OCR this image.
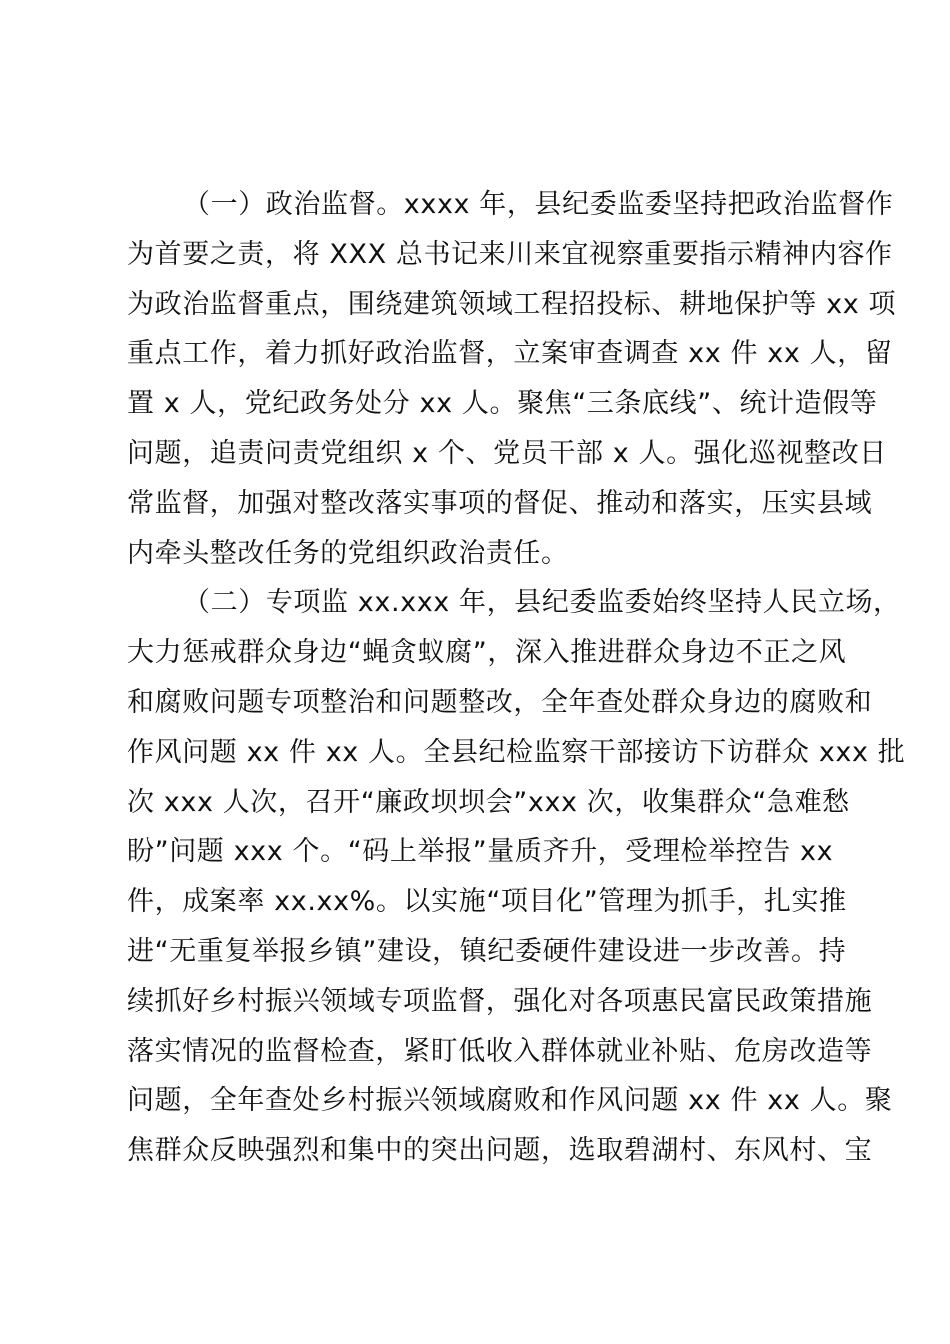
（一）政治监督。xxxx 年，县纪委监委坚持把政治监督作
为首要之责，将 XXX 总书记来川来宜视察重要指示精神内容作
为政治监督重点，围绕建筑领域工程招投标、耕地保护等 xx 项
重点工作，着力抓好政治监督，立案审查调查 xx 件 xx 人，留
置 x 人，党纪政务处分 xx 人。聚焦“三条底线”、统计造假等
问题，追责问责党组织 x 个、党员干部 x 人。强化巡视整改日
常监督，加强对整改落实事项的督促、推动和落实，压实县域
内牵头整改任务的党组织政治责任。
（二）专项监 xx.xxx 年，县纪委监委始终坚持人民立场，
大力惩戒群众身边“蝇贪蚁腐”，深入推进群众身边不正之风
和腐败问题专项整治和问题整改，全年查处群众身边的腐败和
作风问题 xx 件 xx 人。全县纪检监察干部接访下访群众 xxx 批
次 xxx 人次，召开“廉政坝坝会”xxx 次，收集群众“急难愁
盼”问题 xxx 个。“码上举报”量质齐升，受理检举控告 xx
件，成案率 xx.xx%。以实施“项目化”管理为抓手，扎实推
进“无重复举报乡镇”建设，镇纪委硬件建设进一步改善。持
续抓好乡村振兴领域专项监督，强化对各项惠民富民政策措施
落实情况的监督检查，紧盯低收入群体就业补贴、危房改造等
问题，全年查处乡村振兴领域腐败和作风问题 xx 件 xx 人。聚
焦群众反映强烈和集中的突出问题，选取碧湖村、东风村、宝
